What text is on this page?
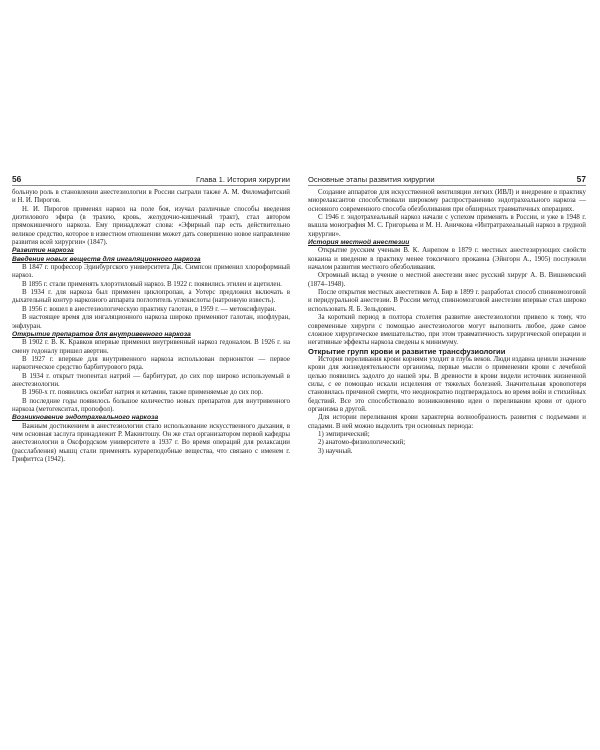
56	Глава 1. История хирургии

больную роль в становлении анестезиологии в России сыграли также А. М. Филомафитский и Н. И. Пирогов.

Н. И. Пирогов применял наркоз на поле боя, изучал различные способы введения диэтилового эфира (в трахею, кровь, желудочно-кишечный тракт), стал автором прямокишечного наркоза. Ему принадлежат слова: «Эфирный пар есть действительно великое средство, которое в известном отношении может дать совершенно новое направление развития всей хирургии» (1847).

Развитие наркоза

Введение новых веществ для ингаляционного наркоза

В 1847 г. профессор Эдинбургского университета Дж. Симпсон применил хлороформный наркоз.

В 1895 г. стали применять хлорэтиловый наркоз. В 1922 г. появились этилен и ацетилен.

В 1934 г. для наркоза был применен циклопропан, а Уотерс предложил включать в дыхательный контур наркозного аппарата поглотитель углекислоты (натронную известь).

В 1956 г. вошел в анестезиологическую практику галотан, в 1959 г. — метоксифлуран.

В настоящее время для ингаляционного наркоза широко применяют галотан, изофлуран, энфлуран.

Открытие препаратов для внутривенного наркоза

В 1902 г. В. К. Кравков впервые применил внутривенный наркоз гедоналом. В 1926 г. на смену гедоналу пришел авертин.

В 1927 г. впервые для внутривенного наркоза использован пернонктон — первое наркотическое средство барбитурового ряда.

В 1934 г. открыт тиопентал натрий — барбитурат, до сих пор широко используемый в анестезиологии.

В 1960-х гг. появились оксибат натрия и кетамин, также применяемые до сих пор.

В последние годы появилось большое количество новых препаратов для внутривенного наркоза (метогекситал, пропофол).

Возникновение эндотрахеального наркоза

Важным достижением в анестезиологии стало использование искусственного дыхания, в чем основная заслуга принадлежит Р. Макинтошу. Он же стал организатором первой кафедры анестезиологии в Оксфордском университете в 1937 г. Во время операций для релаксации (расслабления) мышц стали применять курареподобные вещества, что связано с именем г. Грифиттса (1942).

Основные этапы развития хирургии	57

Создание аппаратов для искусственной вентиляции легких (ИВЛ) и внедрение в практику миорелаксантов способствовали широкому распространению эндотрахеального наркоза — основного современного способа обезболивания при обширных травматичных операциях.

С 1946 г. эндотрахеальный наркоз начали с успехом применять в России, и уже в 1948 г. вышла монография М. С. Григорьева и М. Н. Аничкова «Интратрахеальный наркоз в грудной хирургии».

История местной анестезии

Открытие русским ученым В. К. Анрепом в 1879 г. местных анестезирующих свойств кокаина и введение в практику менее токсичного прокаина (Эйнгорн А., 1905) послужили началом развития местного обезболивания.

Огромный вклад в учение о местной анестезии внес русский хирург А. В. Вишневский (1874–1948).

После открытия местных анестетиков А. Бир в 1899 г. разработал способ спинномозговой и перидуральной анестезии. В России метод спинномозговой анестезии впервые стал широко использовать Я. Б. Зельдович.

За короткий период в полтора столетия развитие анестезиологии привело к тому, что современные хирурги с помощью анестезиологов могут выполнить любое, даже самое сложное хирургическое вмешательство, при этом травматичность хирургической операции и негативные эффекты наркоза сведены к минимуму.

Открытие групп крови и развитие трансфузиологии

История переливания крови корнями уходит в глубь веков. Люди издавна ценили значение крови для жизнедеятельности организма, первые мысли о применении крови с лечебной целью появились задолго до нашей эры. В древности в крови видели источник жизненной силы, с ее помощью искали исцеления от тяжелых болезней. Значительная кровопотеря становилась причиной смерти, что неоднократно подтверждалось во время войн и стихийных бедствий. Все это способствовало возникновению идеи о переливании крови от одного организма в другой.

Для истории переливания крови характерна волнообразность развития с подъемами и спадами. В ней можно выделить три основных периода:

1) эмпирический;

2) анатомо-физиологический;

3) научный.
